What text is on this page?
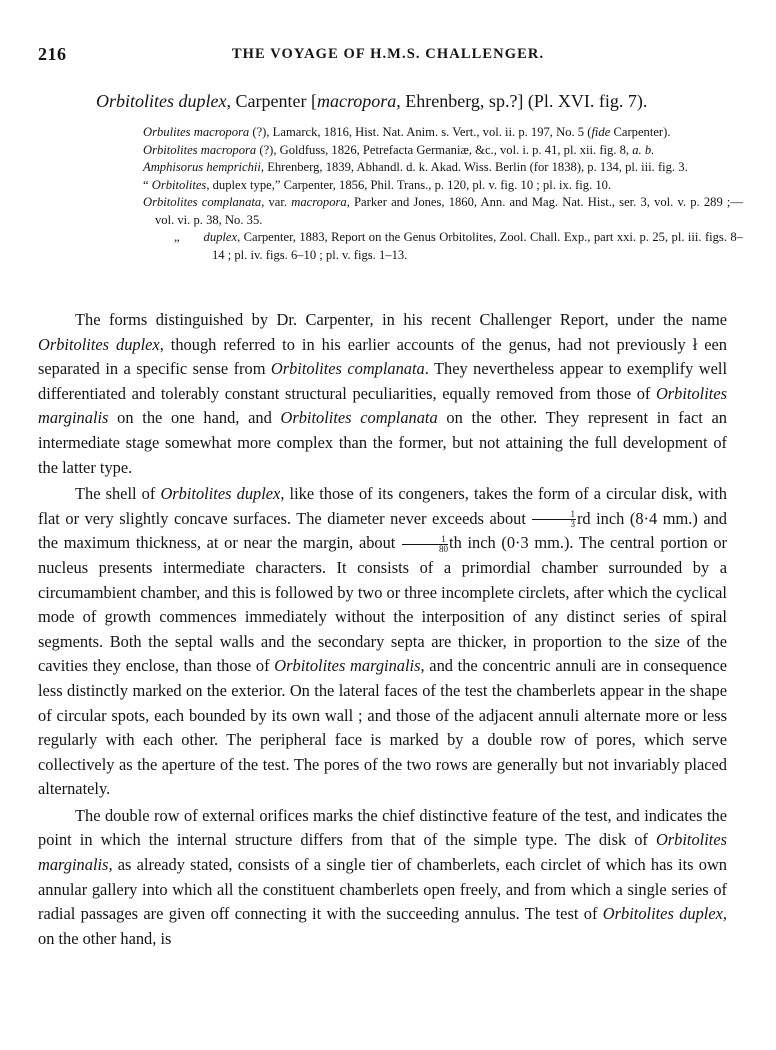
216	THE VOYAGE OF H.M.S. CHALLENGER.
Orbitolites duplex, Carpenter [macropora, Ehrenberg, sp.?] (Pl. XVI. fig. 7).
Orbulites macropora (?), Lamarck, 1816, Hist. Nat. Anim. s. Vert., vol. ii. p. 197, No. 5 (fide Carpenter).
Orbitolites macropora (?), Goldfuss, 1826, Petrefacta Germaniæ, &c., vol. i. p. 41, pl. xii. fig. 8, a. b.
Amphisorus hemprichii, Ehrenberg, 1839, Abhandl. d. k. Akad. Wiss. Berlin (for 1838), p. 134, pl. iii. fig. 3.
“ Orbitolites, duplex type,” Carpenter, 1856, Phil. Trans., p. 120, pl. v. fig. 10 ; pl. ix. fig. 10.
Orbitolites complanata, var. macropora, Parker and Jones, 1860, Ann. and Mag. Nat. Hist., ser. 3, vol. v. p. 289 ;—vol. vi. p. 38, No. 35.
„ duplex, Carpenter, 1883, Report on the Genus Orbitolites, Zool. Chall. Exp., part xxi. p. 25, pl. iii. figs. 8–14 ; pl. iv. figs. 6–10 ; pl. v. figs. 1–13.

The forms distinguished by Dr. Carpenter, in his recent Challenger Report, under the name Orbitolites duplex, though referred to in his earlier accounts of the genus, had not previously ł een separated in a specific sense from Orbitolites complanata. They nevertheless appear to exemplify well differentiated and tolerably constant structural peculiarities, equally removed from those of Orbitolites marginalis on the one hand, and Orbitolites complanata on the other. They represent in fact an intermediate stage somewhat more complex than the former, but not attaining the full development of the latter type.

The shell of Orbitolites duplex, like those of its congeners, takes the form of a circular disk, with flat or very slightly concave surfaces. The diameter never exceeds about $\frac{1}{3}$ rd inch (8·4 mm.) and the maximum thickness, at or near the margin, about $\frac{1}{80}$ th inch (0·3 mm.). The central portion or nucleus presents intermediate characters. It consists of a primordial chamber surrounded by a circumambient chamber, and this is followed by two or three incomplete circlets, after which the cyclical mode of growth commences immediately without the interposition of any distinct series of spiral segments. Both the septal walls and the secondary septa are thicker, in proportion to the size of the cavities they enclose, than those of Orbitolites marginalis, and the concentric annuli are in consequence less distinctly marked on the exterior. On the lateral faces of the test the chamberlets appear in the shape of circular spots, each bounded by its own wall ; and those of the adjacent annuli alternate more or less regularly with each other. The peripheral face is marked by a double row of pores, which serve collectively as the aperture of the test. The pores of the two rows are generally but not invariably placed alternately.

The double row of external orifices marks the chief distinctive feature of the test, and indicates the point in which the internal structure differs from that of the simple type. The disk of Orbitolites marginalis, as already stated, consists of a single tier of chamberlets, each circlet of which has its own annular gallery into which all the constituent chamberlets open freely, and from which a single series of radial passages are given off connecting it with the succeeding annulus. The test of Orbitolites duplex, on the other hand, is
